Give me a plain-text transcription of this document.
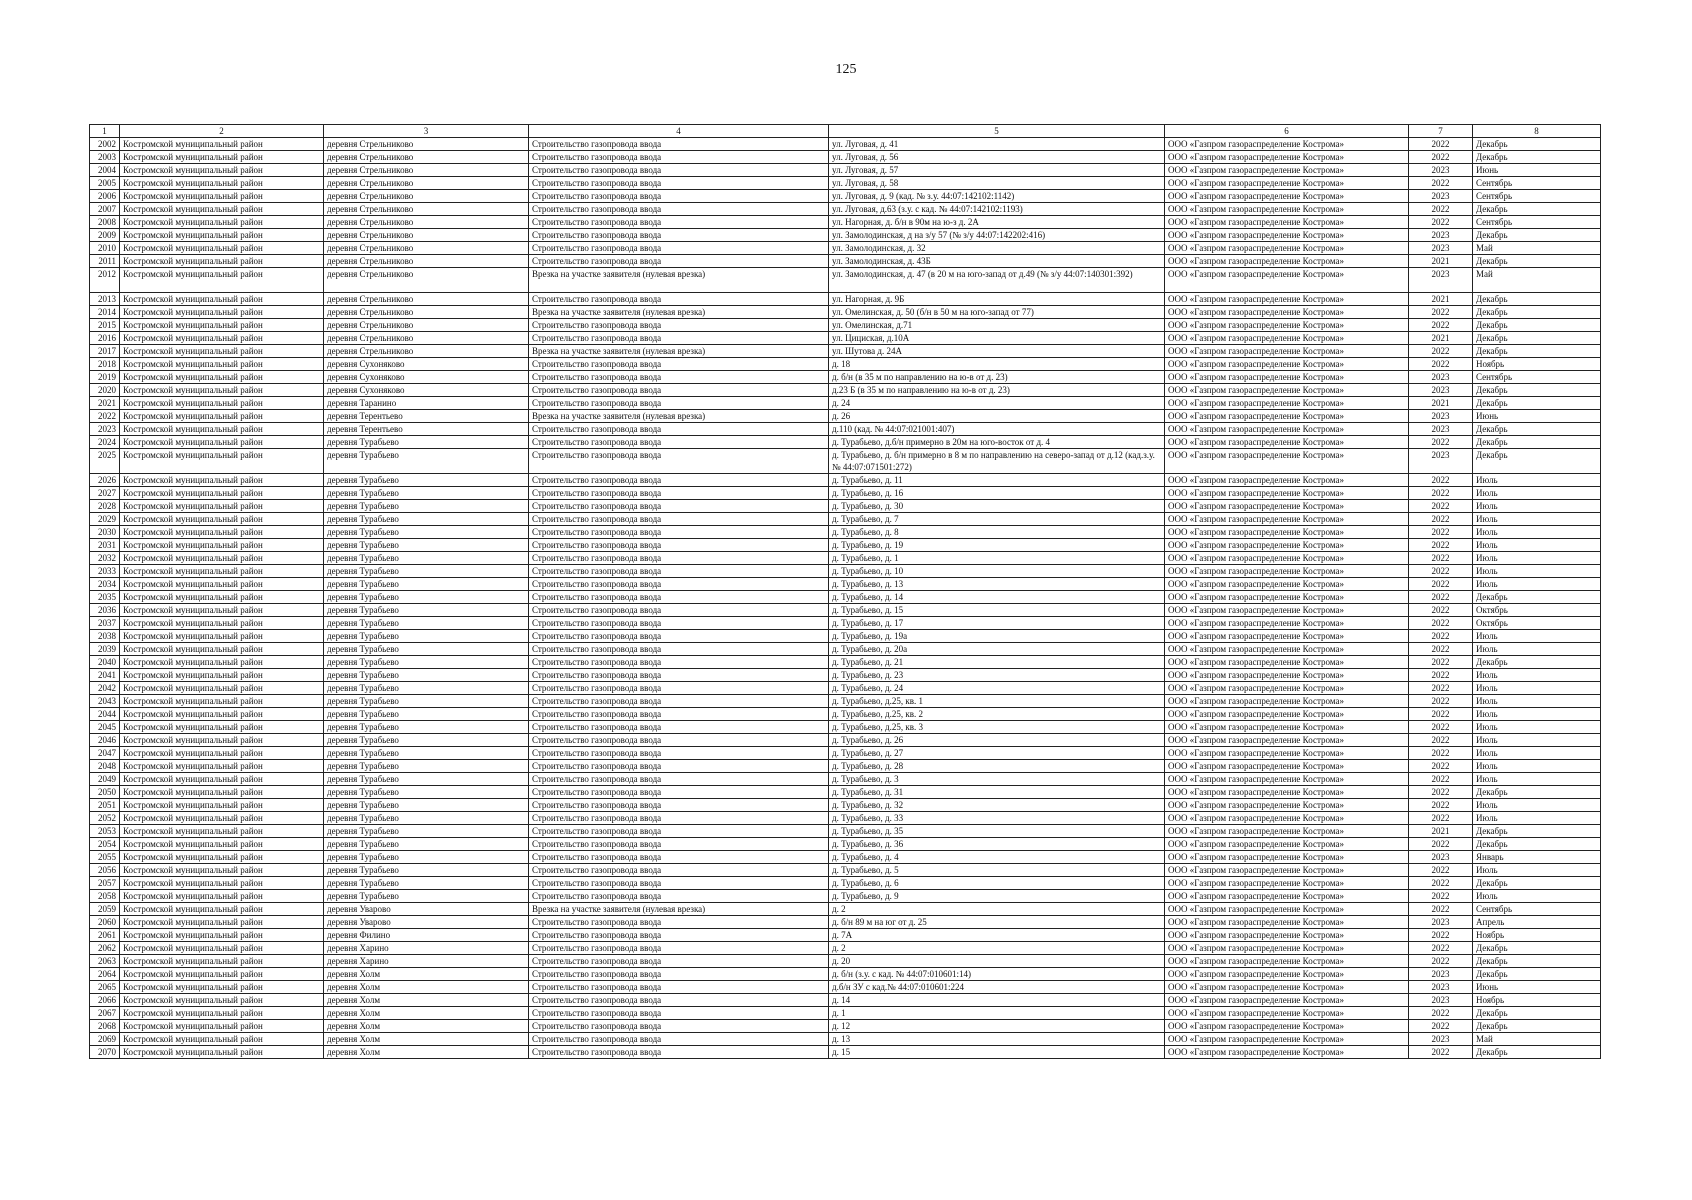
125
1	2	3	4	5	6	7	8
2002	Костромской муниципальный район	деревня Стрельниково	Строительство газопровода ввода	ул. Луговая, д. 41	ООО «Газпром газораспределение Кострома»	2022	Декабрь
2003	Костромской муниципальный район	деревня Стрельниково	Строительство газопровода ввода	ул. Луговая, д. 56	ООО «Газпром газораспределение Кострома»	2022	Декабрь
2004	Костромской муниципальный район	деревня Стрельниково	Строительство газопровода ввода	ул. Луговая, д. 57	ООО «Газпром газораспределение Кострома»	2023	Июнь
2005	Костромской муниципальный район	деревня Стрельниково	Строительство газопровода ввода	ул. Луговая, д. 58	ООО «Газпром газораспределение Кострома»	2022	Сентябрь
2006	Костромской муниципальный район	деревня Стрельниково	Строительство газопровода ввода	ул. Луговая, д. 9 (кад. № з.у. 44:07:142102:1142)	ООО «Газпром газораспределение Кострома»	2023	Сентябрь
2007	Костромской муниципальный район	деревня Стрельниково	Строительство газопровода ввода	ул. Луговая, д.63 (з.у. с кад. № 44:07:142102:1193)	ООО «Газпром газораспределение Кострома»	2022	Декабрь
2008	Костромской муниципальный район	деревня Стрельниково	Строительство газопровода ввода	ул. Нагорная, д. б/н в 90м на ю-з д. 2А	ООО «Газпром газораспределение Кострома»	2022	Сентябрь
2009	Костромской муниципальный район	деревня Стрельниково	Строительство газопровода ввода	ул. Замолодинская, д на з/у 57 (№ з/у 44:07:142202:416)	ООО «Газпром газораспределение Кострома»	2023	Декабрь
2010	Костромской муниципальный район	деревня Стрельниково	Строительство газопровода ввода	ул. Замолодинская, д. 32	ООО «Газпром газораспределение Кострома»	2023	Май
2011	Костромской муниципальный район	деревня Стрельниково	Строительство газопровода ввода	ул. Замолодинская, д. 43Б	ООО «Газпром газораспределение Кострома»	2021	Декабрь
2012	Костромской муниципальный район	деревня Стрельниково	Врезка на участке заявителя (нулевая врезка)	ул. Замолодинская, д. 47 (в 20 м на юго-запад от д.49 (№ з/у 44:07:140301:392)	ООО «Газпром газораспределение Кострома»	2023	Май
2013	Костромской муниципальный район	деревня Стрельниково	Строительство газопровода ввода	ул. Нагорная, д. 9Б	ООО «Газпром газораспределение Кострома»	2021	Декабрь
2014	Костромской муниципальный район	деревня Стрельниково	Врезка на участке заявителя (нулевая врезка)	ул. Омелинская, д. 50 (б/н в 50 м на юго-запад от 77)	ООО «Газпром газораспределение Кострома»	2022	Декабрь
2015	Костромской муниципальный район	деревня Стрельниково	Строительство газопровода ввода	ул. Омелинская, д.71	ООО «Газпром газораспределение Кострома»	2022	Декабрь
2016	Костромской муниципальный район	деревня Стрельниково	Строительство газопровода ввода	ул. Цициская, д.10А	ООО «Газпром газораспределение Кострома»	2021	Декабрь
2017	Костромской муниципальный район	деревня Стрельниково	Врезка на участке заявителя (нулевая врезка)	ул. Шутова д. 24А	ООО «Газпром газораспределение Кострома»	2022	Декабрь
2018	Костромской муниципальный район	деревня Сухоняково	Строительство газопровода ввода	д. 18	ООО «Газпром газораспределение Кострома»	2022	Ноябрь
2019	Костромской муниципальный район	деревня Сухоняково	Строительство газопровода ввода	д. б/н (в 35 м по направлению на ю-в от д. 23)	ООО «Газпром газораспределение Кострома»	2023	Сентябрь
2020	Костромской муниципальный район	деревня Сухоняково	Строительство газопровода ввода	д.23 Б (в 35 м по направлению на ю-в от д. 23)	ООО «Газпром газораспределение Кострома»	2023	Декабрь
2021	Костромской муниципальный район	деревня Таранино	Строительство газопровода ввода	д. 24	ООО «Газпром газораспределение Кострома»	2021	Декабрь
2022	Костромской муниципальный район	деревня Терентьево	Врезка на участке заявителя (нулевая врезка)	д. 26	ООО «Газпром газораспределение Кострома»	2023	Июнь
2023	Костромской муниципальный район	деревня Терентьево	Строительство газопровода ввода	д.110 (кад. № 44:07:021001:407)	ООО «Газпром газораспределение Кострома»	2023	Декабрь
2024	Костромской муниципальный район	деревня Турабьево	Строительство газопровода ввода	д. Турабьево, д.б/н примерно в 20м на юго-восток от д. 4	ООО «Газпром газораспределение Кострома»	2022	Декабрь
2025	Костромской муниципальный район	деревня Турабьево	Строительство газопровода ввода	д. Турабьево, д. б/н примерно в 8 м по направлению на северо-запад от д.12 (кад.з.у. № 44:07:071501:272)	ООО «Газпром газораспределение Кострома»	2023	Декабрь
2026	Костромской муниципальный район	деревня Турабьево	Строительство газопровода ввода	д. Турабьево, д. 11	ООО «Газпром газораспределение Кострома»	2022	Июль
2027	Костромской муниципальный район	деревня Турабьево	Строительство газопровода ввода	д. Турабьево, д. 16	ООО «Газпром газораспределение Кострома»	2022	Июль
2028	Костромской муниципальный район	деревня Турабьево	Строительство газопровода ввода	д. Турабьево, д. 30	ООО «Газпром газораспределение Кострома»	2022	Июль
2029	Костромской муниципальный район	деревня Турабьево	Строительство газопровода ввода	д. Турабьево, д. 7	ООО «Газпром газораспределение Кострома»	2022	Июль
2030	Костромской муниципальный район	деревня Турабьево	Строительство газопровода ввода	д. Турабьево, д. 8	ООО «Газпром газораспределение Кострома»	2022	Июль
2031	Костромской муниципальный район	деревня Турабьево	Строительство газопровода ввода	д. Турабьево, д. 19	ООО «Газпром газораспределение Кострома»	2022	Июль
2032	Костромской муниципальный район	деревня Турабьево	Строительство газопровода ввода	д. Турабьево, д. 1	ООО «Газпром газораспределение Кострома»	2022	Июль
2033	Костромской муниципальный район	деревня Турабьево	Строительство газопровода ввода	д. Турабьево, д. 10	ООО «Газпром газораспределение Кострома»	2022	Июль
2034	Костромской муниципальный район	деревня Турабьево	Строительство газопровода ввода	д. Турабьево, д. 13	ООО «Газпром газораспределение Кострома»	2022	Июль
2035	Костромской муниципальный район	деревня Турабьево	Строительство газопровода ввода	д. Турабьево, д. 14	ООО «Газпром газораспределение Кострома»	2022	Декабрь
2036	Костромской муниципальный район	деревня Турабьево	Строительство газопровода ввода	д. Турабьево, д. 15	ООО «Газпром газораспределение Кострома»	2022	Октябрь
2037	Костромской муниципальный район	деревня Турабьево	Строительство газопровода ввода	д. Турабьево, д. 17	ООО «Газпром газораспределение Кострома»	2022	Октябрь
2038	Костромской муниципальный район	деревня Турабьево	Строительство газопровода ввода	д. Турабьево, д. 19а	ООО «Газпром газораспределение Кострома»	2022	Июль
2039	Костромской муниципальный район	деревня Турабьево	Строительство газопровода ввода	д. Турабьево, д. 20а	ООО «Газпром газораспределение Кострома»	2022	Июль
2040	Костромской муниципальный район	деревня Турабьево	Строительство газопровода ввода	д. Турабьево, д. 21	ООО «Газпром газораспределение Кострома»	2022	Декабрь
2041	Костромской муниципальный район	деревня Турабьево	Строительство газопровода ввода	д. Турабьево, д. 23	ООО «Газпром газораспределение Кострома»	2022	Июль
2042	Костромской муниципальный район	деревня Турабьево	Строительство газопровода ввода	д. Турабьево, д. 24	ООО «Газпром газораспределение Кострома»	2022	Июль
2043	Костромской муниципальный район	деревня Турабьево	Строительство газопровода ввода	д. Турабьево, д.25, кв. 1	ООО «Газпром газораспределение Кострома»	2022	Июль
2044	Костромской муниципальный район	деревня Турабьево	Строительство газопровода ввода	д. Турабьево, д.25, кв. 2	ООО «Газпром газораспределение Кострома»	2022	Июль
2045	Костромской муниципальный район	деревня Турабьево	Строительство газопровода ввода	д. Турабьево, д.25, кв. 3	ООО «Газпром газораспределение Кострома»	2022	Июль
2046	Костромской муниципальный район	деревня Турабьево	Строительство газопровода ввода	д. Турабьево, д. 26	ООО «Газпром газораспределение Кострома»	2022	Июль
2047	Костромской муниципальный район	деревня Турабьево	Строительство газопровода ввода	д. Турабьево, д. 27	ООО «Газпром газораспределение Кострома»	2022	Июль
2048	Костромской муниципальный район	деревня Турабьево	Строительство газопровода ввода	д. Турабьево, д. 28	ООО «Газпром газораспределение Кострома»	2022	Июль
2049	Костромской муниципальный район	деревня Турабьево	Строительство газопровода ввода	д. Турабьево, д. 3	ООО «Газпром газораспределение Кострома»	2022	Июль
2050	Костромской муниципальный район	деревня Турабьево	Строительство газопровода ввода	д. Турабьево, д. 31	ООО «Газпром газораспределение Кострома»	2022	Декабрь
2051	Костромской муниципальный район	деревня Турабьево	Строительство газопровода ввода	д. Турабьево, д. 32	ООО «Газпром газораспределение Кострома»	2022	Июль
2052	Костромской муниципальный район	деревня Турабьево	Строительство газопровода ввода	д. Турабьево, д. 33	ООО «Газпром газораспределение Кострома»	2022	Июль
2053	Костромской муниципальный район	деревня Турабьево	Строительство газопровода ввода	д. Турабьево, д. 35	ООО «Газпром газораспределение Кострома»	2021	Декабрь
2054	Костромской муниципальный район	деревня Турабьево	Строительство газопровода ввода	д. Турабьево, д. 36	ООО «Газпром газораспределение Кострома»	2022	Декабрь
2055	Костромской муниципальный район	деревня Турабьево	Строительство газопровода ввода	д. Турабьево, д. 4	ООО «Газпром газораспределение Кострома»	2023	Январь
2056	Костромской муниципальный район	деревня Турабьево	Строительство газопровода ввода	д. Турабьево, д. 5	ООО «Газпром газораспределение Кострома»	2022	Июль
2057	Костромской муниципальный район	деревня Турабьево	Строительство газопровода ввода	д. Турабьево, д. 6	ООО «Газпром газораспределение Кострома»	2022	Декабрь
2058	Костромской муниципальный район	деревня Турабьево	Строительство газопровода ввода	д. Турабьево, д. 9	ООО «Газпром газораспределение Кострома»	2022	Июль
2059	Костромской муниципальный район	деревня Уварово	Врезка на участке заявителя (нулевая врезка)	д. 2	ООО «Газпром газораспределение Кострома»	2022	Сентябрь
2060	Костромской муниципальный район	деревня Уварово	Строительство газопровода ввода	д. б/н 89 м на юг от д. 25	ООО «Газпром газораспределение Кострома»	2023	Апрель
2061	Костромской муниципальный район	деревня Филино	Строительство газопровода ввода	д. 7А	ООО «Газпром газораспределение Кострома»	2022	Ноябрь
2062	Костромской муниципальный район	деревня Харино	Строительство газопровода ввода	д. 2	ООО «Газпром газораспределение Кострома»	2022	Декабрь
2063	Костромской муниципальный район	деревня Харино	Строительство газопровода ввода	д. 20	ООО «Газпром газораспределение Кострома»	2022	Декабрь
2064	Костромской муниципальный район	деревня Холм	Строительство газопровода ввода	д. б/н (з.у. с кад. № 44:07:010601:14)	ООО «Газпром газораспределение Кострома»	2023	Декабрь
2065	Костромской муниципальный район	деревня Холм	Строительство газопровода ввода	д.б/н ЗУ с кад.№ 44:07:010601:224	ООО «Газпром газораспределение Кострома»	2023	Июнь
2066	Костромской муниципальный район	деревня Холм	Строительство газопровода ввода	д. 14	ООО «Газпром газораспределение Кострома»	2023	Ноябрь
2067	Костромской муниципальный район	деревня Холм	Строительство газопровода ввода	д. 1	ООО «Газпром газораспределение Кострома»	2022	Декабрь
2068	Костромской муниципальный район	деревня Холм	Строительство газопровода ввода	д. 12	ООО «Газпром газораспределение Кострома»	2022	Декабрь
2069	Костромской муниципальный район	деревня Холм	Строительство газопровода ввода	д. 13	ООО «Газпром газораспределение Кострома»	2023	Май
2070	Костромской муниципальный район	деревня Холм	Строительство газопровода ввода	д. 15	ООО «Газпром газораспределение Кострома»	2022	Декабрь
